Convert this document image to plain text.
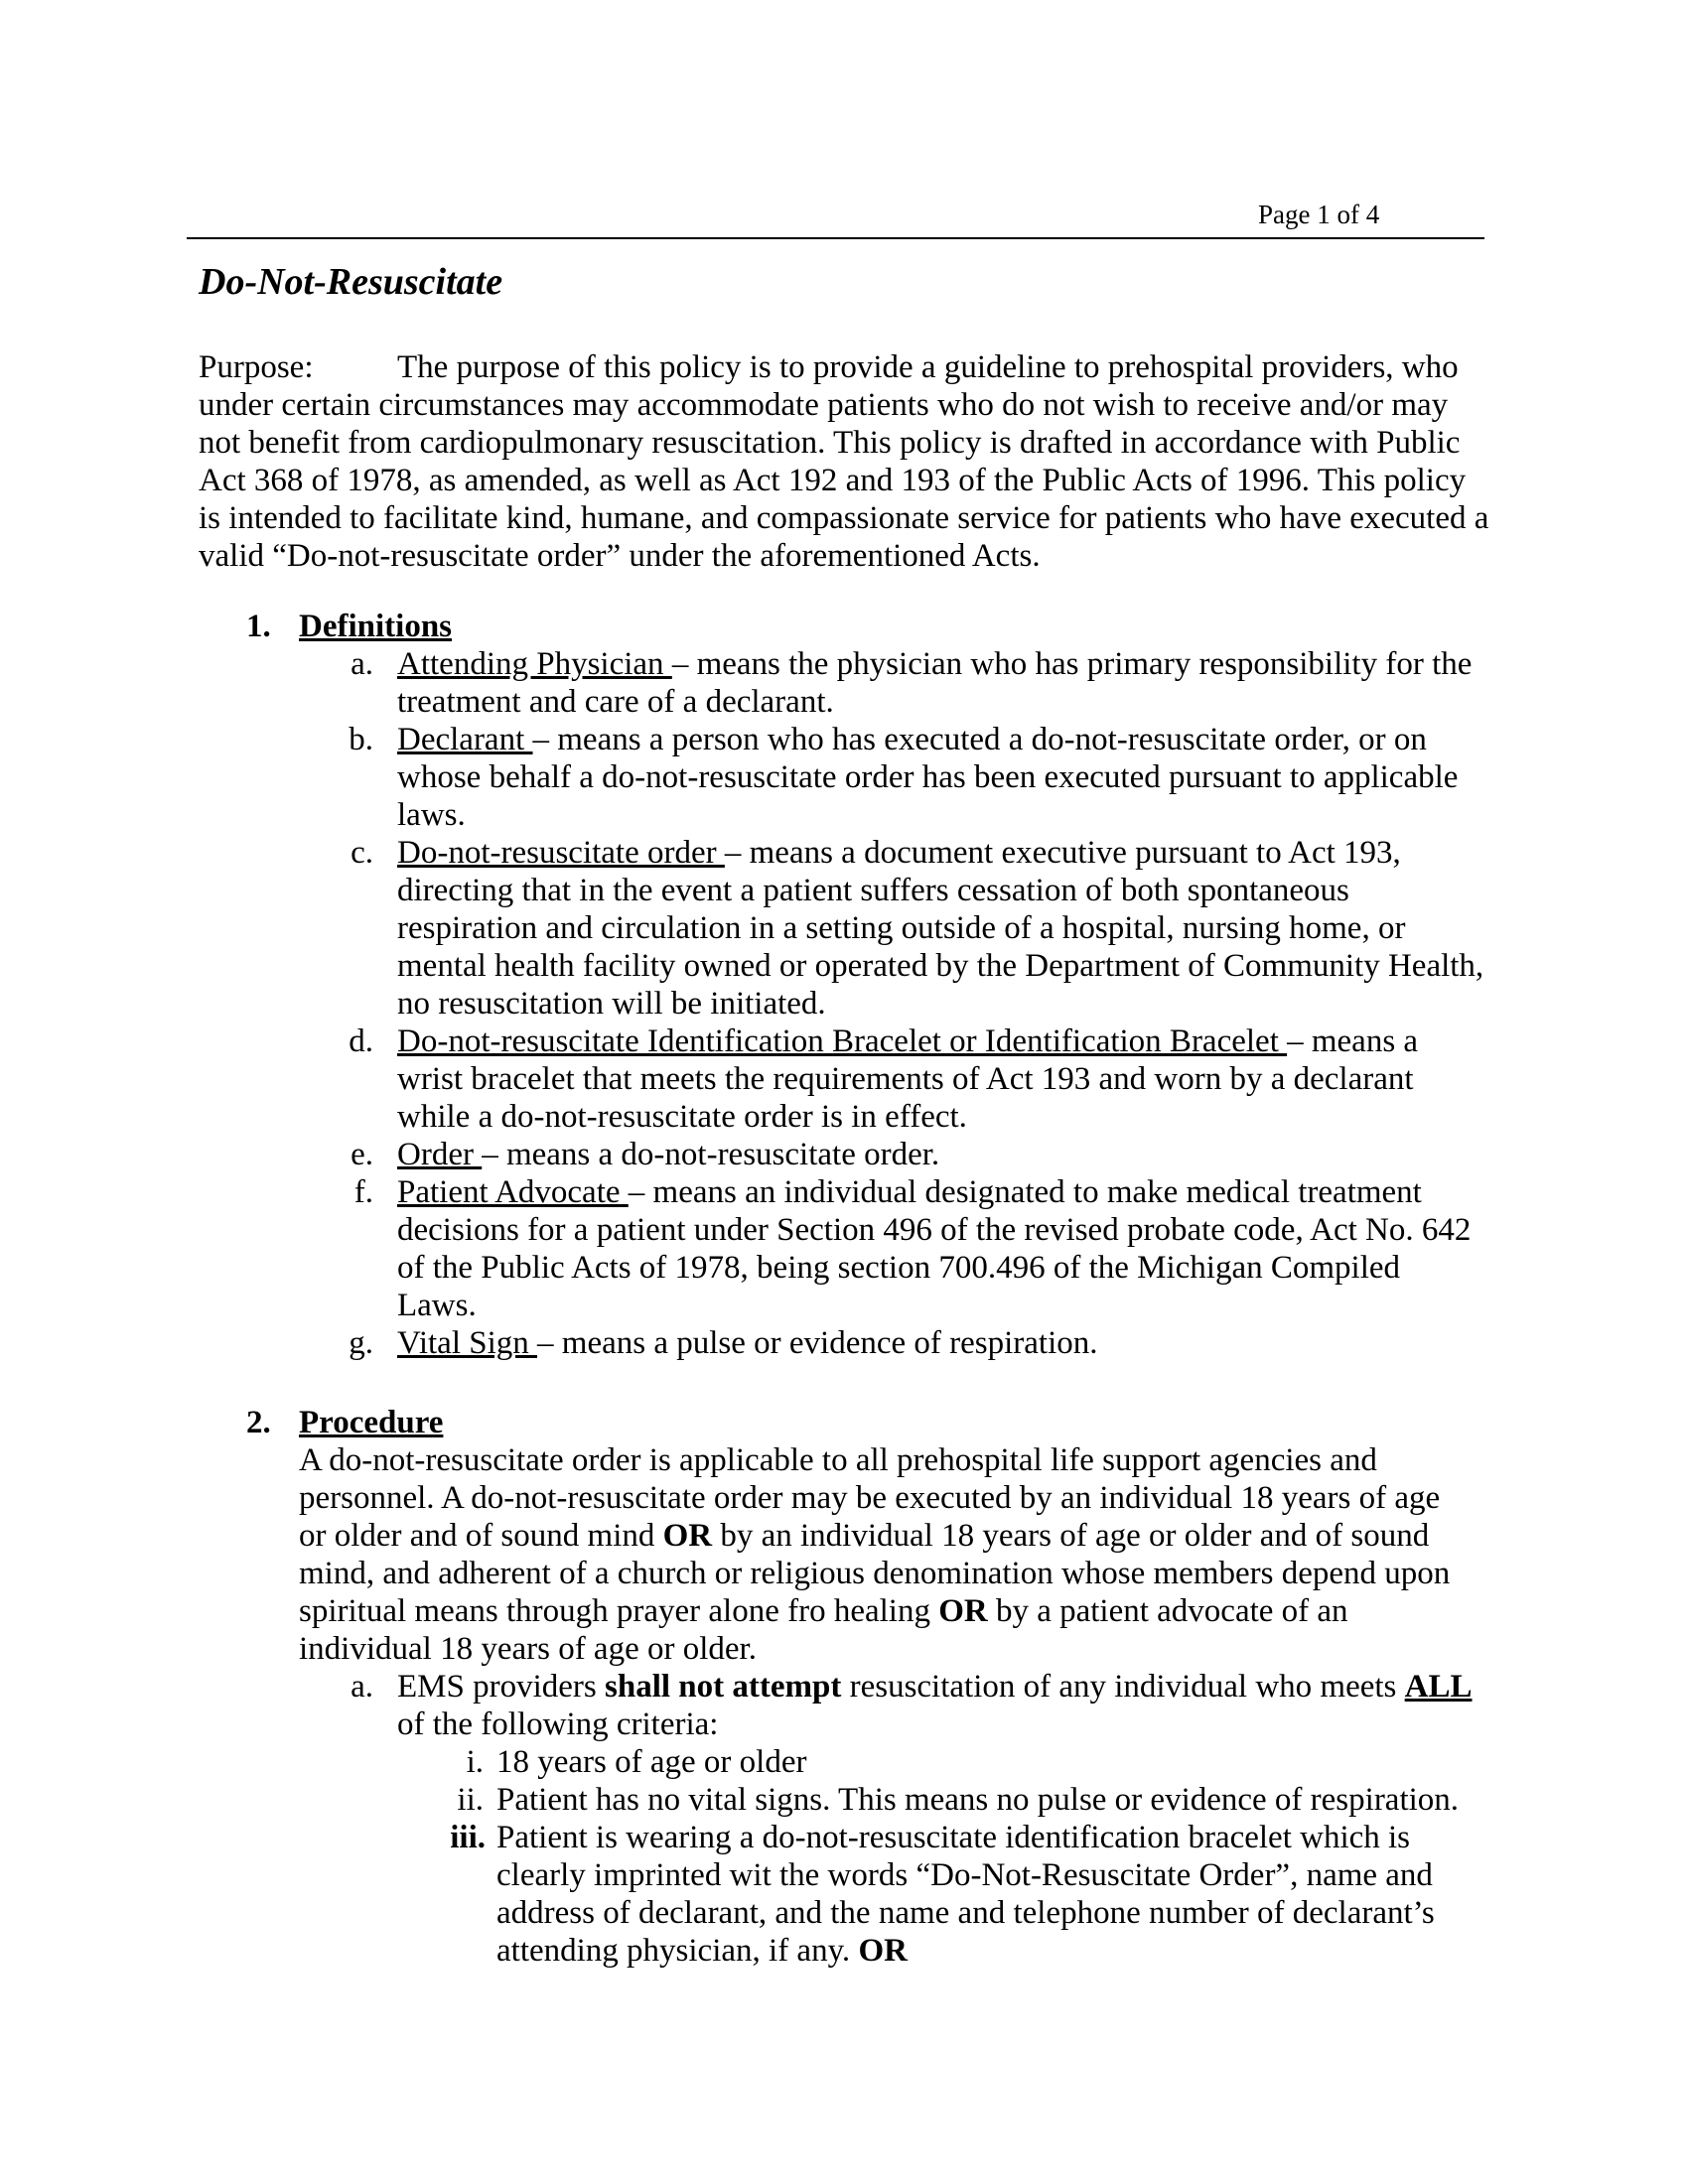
Page 1 of 4
Do-Not-Resuscitate
Purpose:	The purpose of this policy is to provide a guideline to prehospital providers, who under certain circumstances may accommodate patients who do not wish to receive and/or may not benefit from cardiopulmonary resuscitation. This policy is drafted in accordance with Public Act 368 of 1978, as amended, as well as Act 192 and 193 of the Public Acts of 1996. This policy is intended to facilitate kind, humane, and compassionate service for patients who have executed a valid “Do-not-resuscitate order” under the aforementioned Acts.
1. Definitions
a. Attending Physician – means the physician who has primary responsibility for the treatment and care of a declarant.
b. Declarant – means a person who has executed a do-not-resuscitate order, or on whose behalf a do-not-resuscitate order has been executed pursuant to applicable laws.
c. Do-not-resuscitate order – means a document executive pursuant to Act 193, directing that in the event a patient suffers cessation of both spontaneous respiration and circulation in a setting outside of a hospital, nursing home, or mental health facility owned or operated by the Department of Community Health, no resuscitation will be initiated.
d. Do-not-resuscitate Identification Bracelet or Identification Bracelet – means a wrist bracelet that meets the requirements of Act 193 and worn by a declarant while a do-not-resuscitate order is in effect.
e. Order – means a do-not-resuscitate order.
f. Patient Advocate – means an individual designated to make medical treatment decisions for a patient under Section 496 of the revised probate code, Act No. 642 of the Public Acts of 1978, being section 700.496 of the Michigan Compiled Laws.
g. Vital Sign – means a pulse or evidence of respiration.
2. Procedure
A do-not-resuscitate order is applicable to all prehospital life support agencies and personnel. A do-not-resuscitate order may be executed by an individual 18 years of age or older and of sound mind OR by an individual 18 years of age or older and of sound mind, and adherent of a church or religious denomination whose members depend upon spiritual means through prayer alone fro healing OR by a patient advocate of an individual 18 years of age or older.
a. EMS providers shall not attempt resuscitation of any individual who meets ALL of the following criteria:
i. 18 years of age or older
ii. Patient has no vital signs. This means no pulse or evidence of respiration.
iii. Patient is wearing a do-not-resuscitate identification bracelet which is clearly imprinted wit the words “Do-Not-Resuscitate Order”, name and address of declarant, and the name and telephone number of declarant’s attending physician, if any. OR
